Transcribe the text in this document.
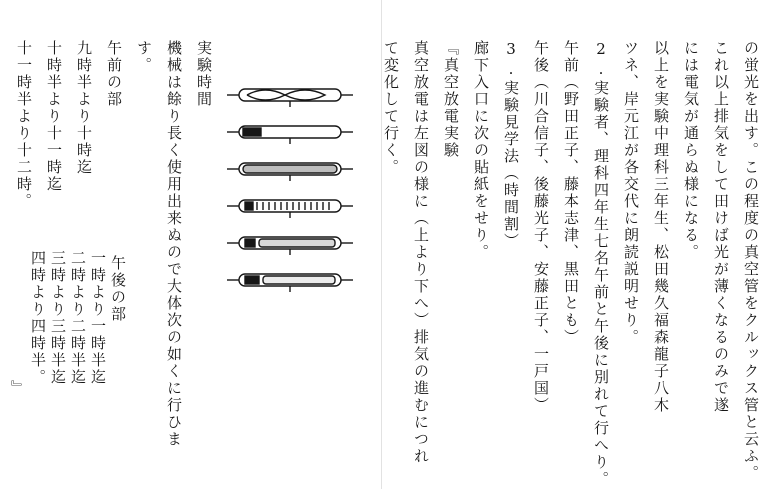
の蛍光を出す。この程度の真空管をクルックス管と云ふ。
これ以上排気をして田けば光が薄くなるのみで遂
には電気が通らぬ様になる。
以上を実験中理科三年生、松田幾久福森龍子八木
ツネ、岸元江が各交代に朗読説明せり。
2.実験者、理科四年生七名午前と午後に別れて行へり。
午前（野田正子、藤本志津、黒田とも）
午後（川合信子、後藤光子、安藤正子、一戸国）
3.実験見学法（時間割）
廊下入口に次の貼紙をせり。
『真空放電実験
真空放電は左図の様に（上より下へ）排気の進むにつれ
て変化して行く。
実験時間
機械は餘り長く使用出来ぬので大体次の如くに行ひま
す。
午前の部
九時半より十時迄
十時半より十一時迄
十一時半より十二時。
午後の部
一時より一時半迄
二時より二時半迄
三時より三時半迄
四時より四時半。
』
